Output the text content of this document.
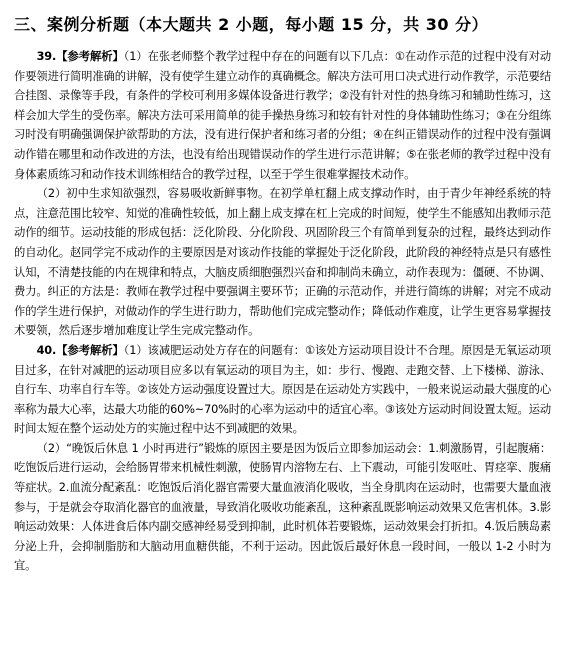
三、案例分析题（本大题共 2 小题，每小题 15 分，共 30 分）

39.【参考解析】（1）在张老师整个教学过程中存在的问题有以下几点：①在动作示范的过程中没有对动作要领进行简明准确的讲解，没有使学生建立动作的真确概念。解决方法可用口决式进行动作教学，示范要结合挂图、录像等手段，有条件的学校可利用多媒体设备进行教学；②没有针对性的热身练习和辅助性练习，这样会加大学生的受伤率。解决方法可采用简单的徒手操热身练习和较有针对性的身体辅助性练习；③在分组练习时没有明确强调保护欲帮助的方法，没有进行保护者和练习者的分组；④在纠正错误动作的过程中没有强调动作错在哪里和动作改进的方法，也没有给出现错误动作的学生进行示范讲解；⑤在张老师的教学过程中没有身体素质练习和动作技术训练相结合的教学过程，以至于学生很难掌握技术动作。

（2）初中生求知欲强烈，容易吸收新鲜事物。在初学单杠翻上成支撑动作时，由于青少年神经系统的特点，注意范围比较窄、知觉的准确性较低，加上翻上成支撑在杠上完成的时间短，使学生不能感知出教师示范动作的细节。运动技能的形成包括：泛化阶段、分化阶段、巩固阶段三个有简单到复杂的过程，最终达到动作的自动化。赵同学完不成动作的主要原因是对该动作技能的掌握处于泛化阶段，此阶段的神经特点是只有感性认知，不清楚技能的内在规律和特点，大脑皮质细胞强烈兴奋和抑制尚未确立，动作表现为：僵硬、不协调、费力。纠正的方法是：教师在教学过程中要强调主要环节；正确的示范动作，并进行简练的讲解；对完不成动作的学生进行保护，对做动作的学生进行助力，帮助他们完成完整动作；降低动作难度，让学生更容易掌握技术要领，然后逐步增加难度让学生完成完整动作。

40.【参考解析】（1）该减肥运动处方存在的问题有：①该处方运动项目设计不合理。原因是无氧运动项目过多，在针对减肥的运动项目应多以有氧运动的项目为主，如：步行、慢跑、走跑交替、上下楼梯、游泳、自行车、功率自行车等。②该处方运动强度设置过大。原因是在运动处方实践中，一般来说运动最大强度的心率称为最大心率，达最大功能的60%~70%时的心率为运动中的适宜心率。③该处方运动时间设置太短。运动时间太短在整个运动处方的实施过程中达不到减肥的效果。

（2）“晚饭后休息 1 小时再进行”锻炼的原因主要是因为饭后立即参加运动会：1.刺激肠胃，引起腹痛：吃饱饭后进行运动，会给肠胃带来机械性刺激，使肠胃内溶物左右、上下震动，可能引发呕吐、胃痉挛、腹痛等症状。2.血流分配紊乱：吃饱饭后消化器官需要大量血液消化吸收，当全身肌肉在运动时，也需要大量血液参与，于是就会夺取消化器官的血液量，导致消化吸收功能紊乱，这种紊乱既影响运动效果又危害机体。3.影响运动效果：人体进食后体内副交感神经易受到抑制，此时机体若要锻炼，运动效果会打折扣。4.饭后胰岛素分泌上升，会抑制脂肪和大脑动用血糖供能，不利于运动。因此饭后最好休息一段时间，一般以 1-2 小时为宜。
